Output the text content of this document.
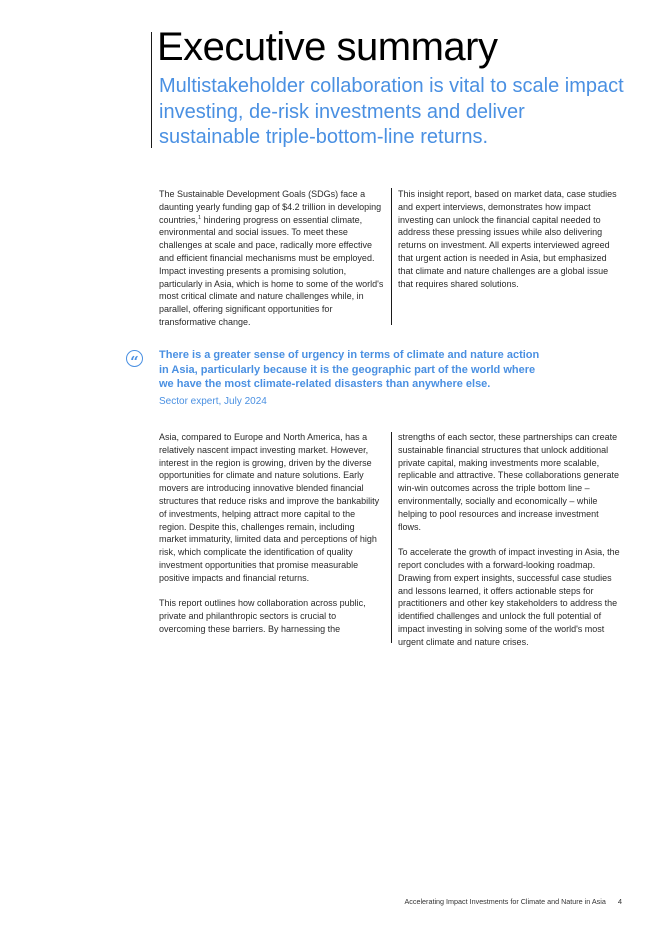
Executive summary
Multistakeholder collaboration is vital to scale impact investing, de-risk investments and deliver sustainable triple-bottom-line returns.

The Sustainable Development Goals (SDGs) face a daunting yearly funding gap of $4.2 trillion in developing countries,$^1$ hindering progress on essential climate, environmental and social issues. To meet these challenges at scale and pace, radically more effective and efficient financial mechanisms must be employed. Impact investing presents a promising solution, particularly in Asia, which is home to some of the world's most critical climate and nature challenges while, in parallel, offering significant opportunities for transformative change.

This insight report, based on market data, case studies and expert interviews, demonstrates how impact investing can unlock the financial capital needed to address these pressing issues while also delivering returns on investment. All experts interviewed agreed that urgent action is needed in Asia, but emphasized that climate and nature challenges are a global issue that requires shared solutions.

“	There is a greater sense of urgency in terms of climate and nature action in Asia, particularly because it is the geographic part of the world where we have the most climate-related disasters than anywhere else.

Sector expert, July 2024

Asia, compared to Europe and North America, has a relatively nascent impact investing market. However, interest in the region is growing, driven by the diverse opportunities for climate and nature solutions. Early movers are introducing innovative blended financial structures that reduce risks and improve the bankability of investments, helping attract more capital to the region. Despite this, challenges remain, including market immaturity, limited data and perceptions of high risk, which complicate the identification of quality investment opportunities that promise measurable positive impacts and financial returns.

This report outlines how collaboration across public, private and philanthropic sectors is crucial to overcoming these barriers. By harnessing the

strengths of each sector, these partnerships can create sustainable financial structures that unlock additional private capital, making investments more scalable, replicable and attractive. These collaborations generate win-win outcomes across the triple bottom line – environmentally, socially and economically – while helping to pool resources and increase investment flows.

To accelerate the growth of impact investing in Asia, the report concludes with a forward-looking roadmap. Drawing from expert insights, successful case studies and lessons learned, it offers actionable steps for practitioners and other key stakeholders to address the identified challenges and unlock the full potential of impact investing in solving some of the world's most urgent climate and nature crises.

Accelerating Impact Investments for Climate and Nature in Asia 4
